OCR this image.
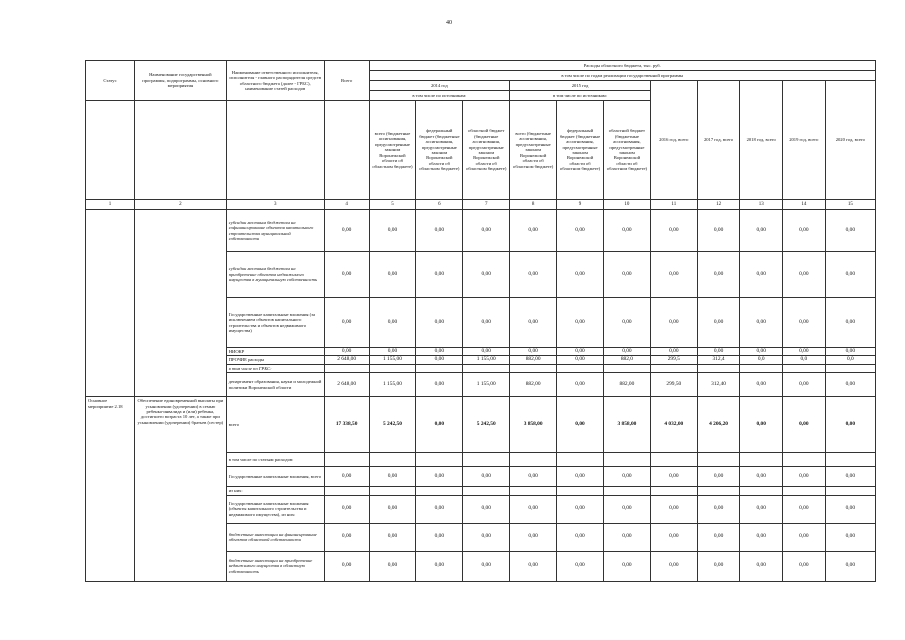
40
Статус	Наименование государственной программы, подпрограммы, основного мероприятия	Наименование ответственного исполнителя, исполнителя - главного распорядителя средств областного бюджета (далее - ГРБС), наименование статей расходов	Всего	Расходы областного бюджета, тыс. руб.										
				в том числе по годам реализации государственной программы										
				2014 год			2015 год			2016 год, всего	2017 год, всего	2018 год, всего	2019 год, всего	2020 год, всего
				в том числе по источникам:			в том числе по источникам:							
				всего (бюджетные ассигнования, предусмотренные законом Воронежской области об областном бюджете)	федеральный бюджет (бюджетные ассигнования, предусмотренные законом Воронежской области об областном бюджете)	областной бюджет (бюджетные ассигнования, предусмотренные законом Воронежской области об областном бюджете)	всего (бюджетные ассигнования, предусмотренные законом Воронежской области об областном бюджете)	федеральный бюджет (бюджетные ассигнования, предусмотренные законом Воронежской области об областном бюджете)	областной бюджет (бюджетные ассигнования, предусмотренные законом Воронежской области об областном бюджете)					
1	2	3	4	5	6	7	8	9	10	11	12	13	14	15
		субсидии местным бюджетам на софинансирование объектов капитального строительства муниципальной собственности	0,00	0,00	0,00	0,00	0,00	0,00	0,00	0,00	0,00	0,00	0,00	0,00
		субсидии местным бюджетам на приобретение объектов недвижимого имущества в муниципальную собственность	0,00	0,00	0,00	0,00	0,00	0,00	0,00	0,00	0,00	0,00	0,00	0,00
		Государственные капитальные вложения (за исключением объектов капитального строительства и объектов недвижимого имущества)	0,00	0,00	0,00	0,00	0,00	0,00	0,00	0,00	0,00	0,00	0,00	0,00
		НИОКР	0,00	0,00	0,00	0,00	0,00	0,00	0,00	0,00	0,00	0,00	0,00	0,00
		ПРОЧИЕ расходы	2 648,00	1 155,00	0,00	1 155,00	882,00	0,00	882,0	299,5	312,4	0,0	0,0	0,0
		в том числе по ГРБС:												
		департамент образования, науки и молодежной политики Воронежской области	2 648,00	1 155,00	0,00	1 155,00	882,00	0,00	882,00	299,50	312,40	0,00	0,00	0,00
Основное мероприятие 2.18	Обеспечение единовременной выплаты при усыновлении (удочерении) в семью ребенка-инвалида и (или) ребенка, достигшего возраста 10 лет, а также при усыновлении (удочерении) братьев (сестер)	всего	17 338,50	5 242,50	0,00	5 242,50	3 858,00	0,00	3 858,00	4 032,00	4 206,20	0,00	0,00	0,00
		в том числе по статьям расходов:												
		Государственные капитальные вложения, всего	0,00	0,00	0,00	0,00	0,00	0,00	0,00	0,00	0,00	0,00	0,00	0,00
		из них:												
		Государственные капитальные вложения (объекты капитального строительства и недвижимого имущества), из них:	0,00	0,00	0,00	0,00	0,00	0,00	0,00	0,00	0,00	0,00	0,00	0,00
		бюджетные инвестиции на финансирование объектов областной собственности	0,00	0,00	0,00	0,00	0,00	0,00	0,00	0,00	0,00	0,00	0,00	0,00
		бюджетные инвестиции на приобретение недвижимого имущества в областную собственность	0,00	0,00	0,00	0,00	0,00	0,00	0,00	0,00	0,00	0,00	0,00	0,00
